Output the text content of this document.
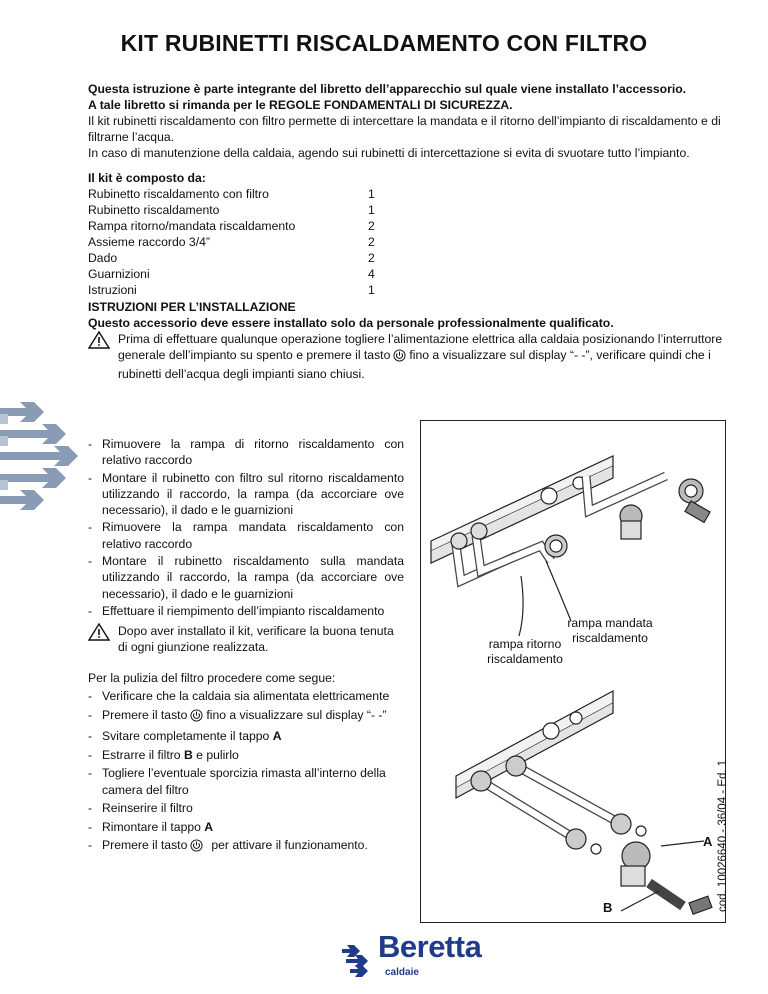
KIT RUBINETTI RISCALDAMENTO CON FILTRO
Questa istruzione è parte integrante del libretto dell’apparecchio sul quale viene installato l’accessorio.
A tale libretto si rimanda per le REGOLE FONDAMENTALI DI SICUREZZA.
Il kit rubinetti riscaldamento con filtro permette di intercettare la mandata e il ritorno dell’impianto di riscaldamento e di filtrarne l’acqua.
In caso di manutenzione della caldaia, agendo sui rubinetti di intercettazione si evita di svuotare tutto l’impianto.
Il kit è composto da:
Rubinetto riscaldamento con filtro	1
Rubinetto riscaldamento	1
Rampa ritorno/mandata riscaldamento	2
Assieme raccordo 3/4”	2
Dado	2
Guarnizioni	4
Istruzioni	1
ISTRUZIONI PER L’INSTALLAZIONE
Questo accessorio deve essere installato solo da personale professionalmente qualificato.
Prima di effettuare qualunque operazione togliere l’alimentazione elettrica alla caldaia posizionando l’interruttore generale dell’impianto su spento e premere il tasto fino a visualizzare sul display “- -”, verificare quindi che i rubinetti dell’acqua degli impianti siano chiusi.
- Rimuovere la rampa di ritorno riscaldamento con relativo raccordo
- Montare il rubinetto con filtro sul ritorno riscaldamento utilizzando il raccordo, la rampa (da accorciare ove necessario), il dado e le guarnizioni
- Rimuovere la rampa mandata riscaldamento con relativo raccordo
- Montare il rubinetto riscaldamento sulla mandata utilizzando il raccordo, la rampa (da accorciare ove necessario), il dado e le guarnizioni
- Effettuare il riempimento dell’impianto riscaldamento
Dopo aver installato il kit, verificare la buona tenuta di ogni giunzione realizzata.
Per la pulizia del filtro procedere come segue:
- Verificare che la caldaia sia alimentata elettricamente
- Premere il tasto fino a visualizzare sul display “- -”
- Svitare completamente il tappo A
- Estrarre il filtro B e pulirlo
- Togliere l’eventuale sporcizia rimasta all’interno della camera del filtro
- Reinserire il filtro
- Rimontare il tappo A
- Premere il tasto per attivare il funzionamento.
rampa ritorno
riscaldamento
rampa mandata
riscaldamento
A
B	cod. 10026640 - 36/04 - Ed. 1
Beretta
caldaie
